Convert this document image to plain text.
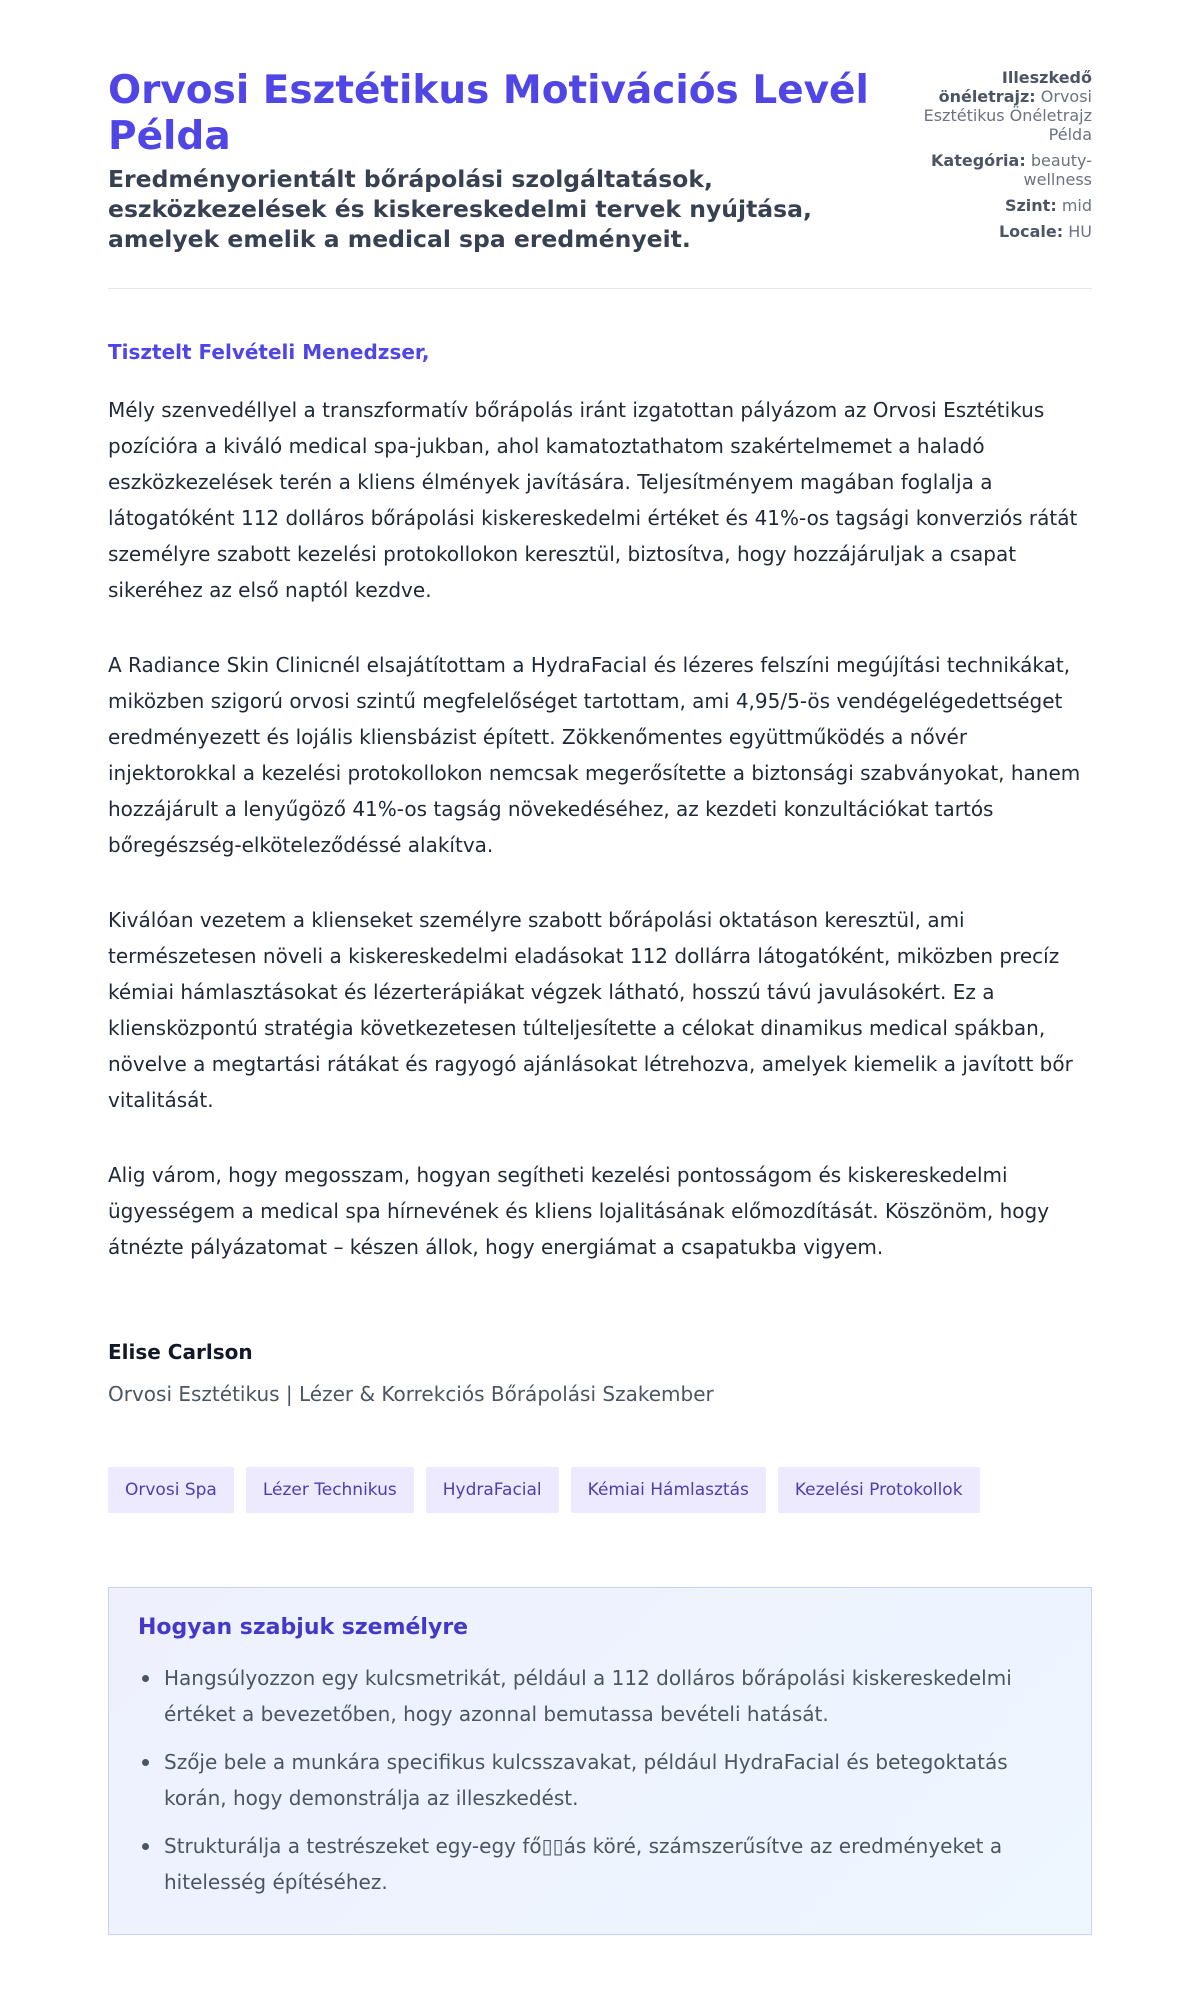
Orvosi Esztétikus Motivációs Levél Példa
Eredményorientált bőrápolási szolgáltatások, eszközkezelések és kiskereskedelmi tervek nyújtása, amelyek emelik a medical spa eredményeit.
Illeszkedő önéletrajz: Orvosi Esztétikus Önéletrajz Példa
Kategória: beauty-wellness
Szint: mid
Locale: HU

Tisztelt Felvételi Menedzser,

Mély szenvedéllyel a transzformatív bőrápolás iránt izgatottan pályázom az Orvosi Esztétikus pozícióra a kiváló medical spa-jukban, ahol kamatoztathatom szakértelmemet a haladó eszközkezelések terén a kliens élmények javítására. Teljesítményem magában foglalja a látogatóként 112 dolláros bőrápolási kiskereskedelmi értéket és 41%-os tagsági konverziós rátát személyre szabott kezelési protokollokon keresztül, biztosítva, hogy hozzájáruljak a csapat sikeréhez az első naptól kezdve.

A Radiance Skin Clinicnél elsajátítottam a HydraFacial és lézeres felszíni megújítási technikákat, miközben szigorú orvosi szintű megfelelőséget tartottam, ami 4,95/5-ös vendégelégedettséget eredményezett és lojális kliensbázist épített. Zökkenőmentes együttműködés a nővér injektorokkal a kezelési protokollokon nemcsak megerősítette a biztonsági szabványokat, hanem hozzájárult a lenyűgöző 41%-os tagság növekedéséhez, az kezdeti konzultációkat tartós bőregészség-elköteleződéssé alakítva.

Kiválóan vezetem a klienseket személyre szabott bőrápolási oktatáson keresztül, ami természetesen növeli a kiskereskedelmi eladásokat 112 dollárra látogatóként, miközben precíz kémiai hámlasztásokat és lézerterápiákat végzek látható, hosszú távú javulásokért. Ez a kliensközpontú stratégia következetesen túlteljesítette a célokat dinamikus medical spákban, növelve a megtartási rátákat és ragyogó ajánlásokat létrehozva, amelyek kiemelik a javított bőr vitalitását.

Alig várom, hogy megosszam, hogyan segítheti kezelési pontosságom és kiskereskedelmi ügyességem a medical spa hírnevének és kliens lojalitásának előmozdítását. Köszönöm, hogy átnézte pályázatomat – készen állok, hogy energiámat a csapatukba vigyem.

Elise Carlson
Orvosi Esztétikus | Lézer & Korrekciós Bőrápolási Szakember
Orvosi Spa	Lézer Technikus	HydraFacial	Kémiai Hámlasztás	Kezelési Protokollok
Hogyan szabjuk személyre
Hangsúlyozzon egy kulcsmetrikát, például a 112 dolláros bőrápolási kiskereskedelmi értéket a bevezetőben, hogy azonnal bemutassa bevételi hatását.
Szője bele a munkára specifikus kulcsszavakat, például HydraFacial és betegoktatás korán, hogy demonstrálja az illeszkedést.
Strukturálja a testrészeket egy-egy fő▯▯ás köré, számszerűsítve az eredményeket a hitelesség építéséhez.
